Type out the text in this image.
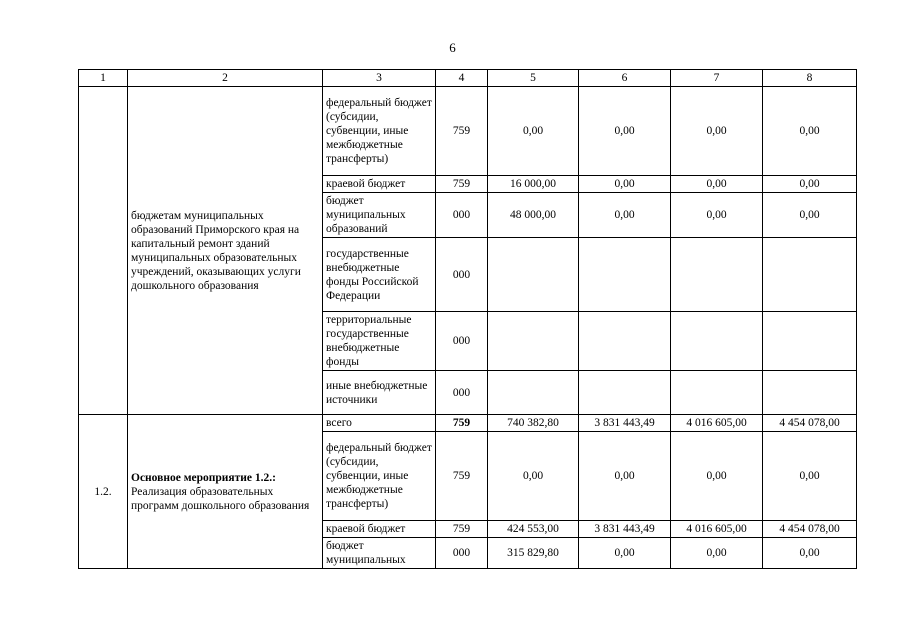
6
1	2	3	4	5	6	7	8
	бюджетам муниципальных образований Приморского края на капитальный ремонт зданий муниципальных образовательных учреждений, оказывающих услуги дошкольного образования	федеральный бюджет (субсидии, субвенции, иные межбюджетные трансферты)	759	0,00	0,00	0,00	0,00
		краевой бюджет	759	16 000,00	0,00	0,00	0,00
		бюджет муниципальных образований	000	48 000,00	0,00	0,00	0,00
		государственные внебюджетные фонды Российской Федерации	000				
		территориальные государственные внебюджетные фонды	000				
		иные внебюджетные источники	000				
1.2.	Основное мероприятие 1.2.:
Реализация образовательных программ дошкольного образования	всего	759	740 382,80	3 831 443,49	4 016 605,00	4 454 078,00
		федеральный бюджет (субсидии, субвенции, иные межбюджетные трансферты)	759	0,00	0,00	0,00	0,00
		краевой бюджет	759	424 553,00	3 831 443,49	4 016 605,00	4 454 078,00
		бюджет муниципальных	000	315 829,80	0,00	0,00	0,00
